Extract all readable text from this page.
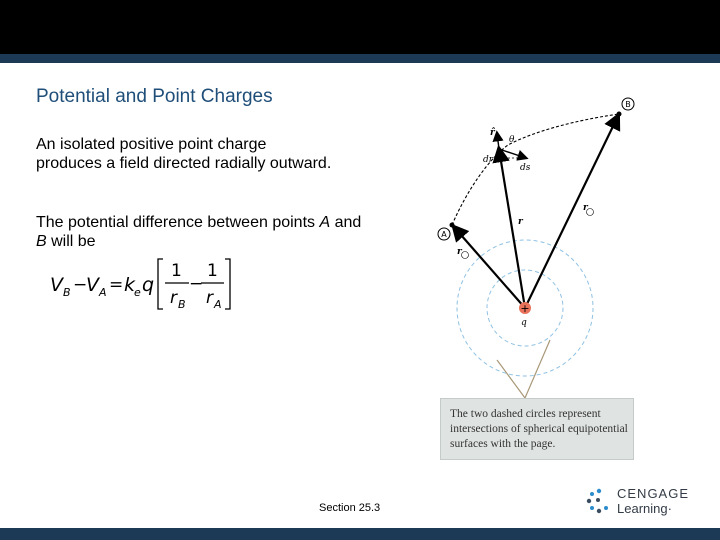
Potential and Point Charges
An isolated positive point charge produces a field directed radially outward.
The potential difference between points A and B will be
V B −
V A = k
e q
1
r B
−
1
r A
B
A
r̂
θ
dr
ds
r
r
r
q
+
The two dashed circles represent intersections of spherical equipotential surfaces with the page.
Section 25.3
CENGAGE
Learning·
